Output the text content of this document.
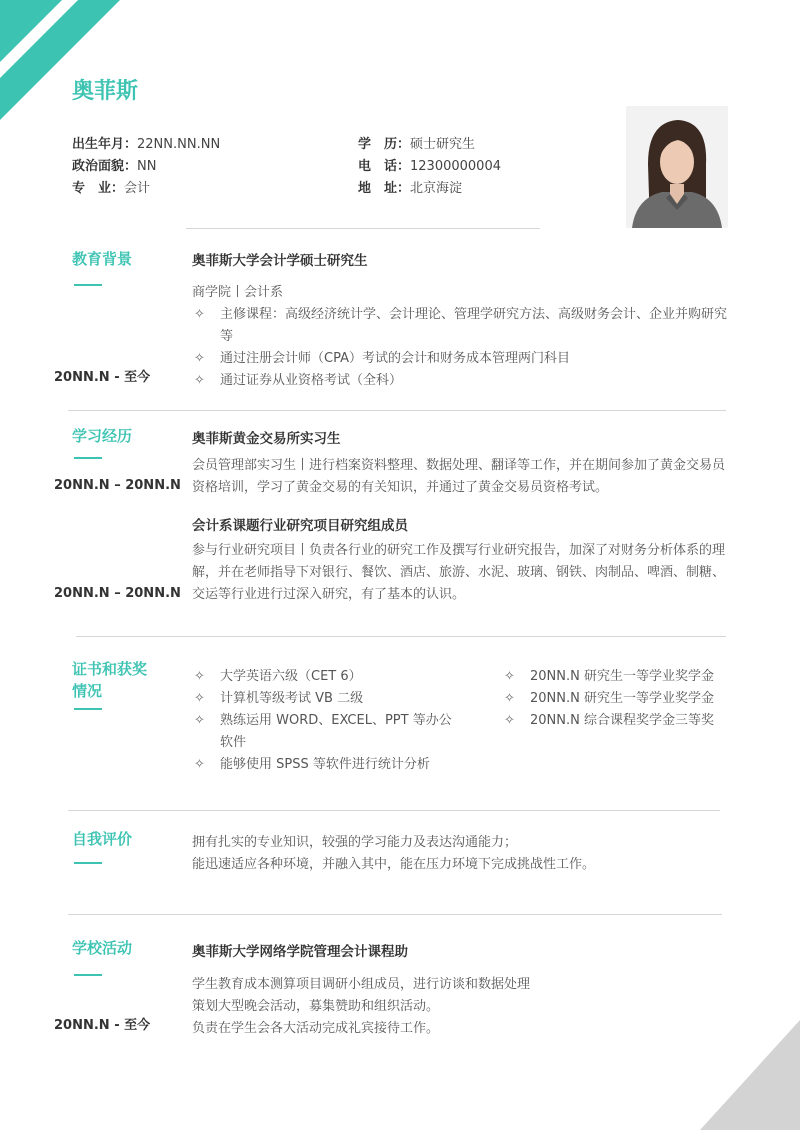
奥菲斯
出生年月：22NN.NN.NN
政治面貌：NN
专　业：会计
学　历：硕士研究生
电　话：12300000004
地　址：北京海淀
教育背景
20NN.N - 至今
奥菲斯大学会计学硕士研究生

商学院丨会计系

✧ 主修课程：高级经济统计学、会计理论、管理学研究方法、高级财务会计、企业并购研究等
✧ 通过注册会计师（CPA）考试的会计和财务成本管理两门科目
✧ 通过证券从业资格考试（全科）
学习经历
20NN.N – 20NN.N
奥菲斯黄金交易所实习生
会员管理部实习生丨进行档案资料整理、数据处理、翻译等工作，并在期间参加了黄金交易员资格培训，学习了黄金交易的有关知识，并通过了黄金交易员资格考试。
20NN.N – 20NN.N
会计系课题行业研究项目研究组成员
参与行业研究项目丨负责各行业的研究工作及撰写行业研究报告，加深了对财务分析体系的理解，并在老师指导下对银行、餐饮、酒店、旅游、水泥、玻璃、钢铁、肉制品、啤酒、制糖、交运等行业进行过深入研究，有了基本的认识。
证书和获奖
情况
✧ 大学英语六级（CET 6）
✧ 计算机等级考试 VB 二级
✧ 熟练运用 WORD、EXCEL、PPT 等办公软件
✧ 能够使用 SPSS 等软件进行统计分析
✧ 20NN.N 研究生一等学业奖学金
✧ 20NN.N 研究生一等学业奖学金
✧ 20NN.N 综合课程奖学金三等奖
自我评价	拥有扎实的专业知识，较强的学习能力及表达沟通能力；

能迅速适应各种环境，并融入其中，能在压力环境下完成挑战性工作。

学校活动
20NN.N - 至今
奥菲斯大学网络学院管理会计课程助

学生教育成本测算项目调研小组成员，进行访谈和数据处理

策划大型晚会活动，募集赞助和组织活动。

负责在学生会各大活动完成礼宾接待工作。
